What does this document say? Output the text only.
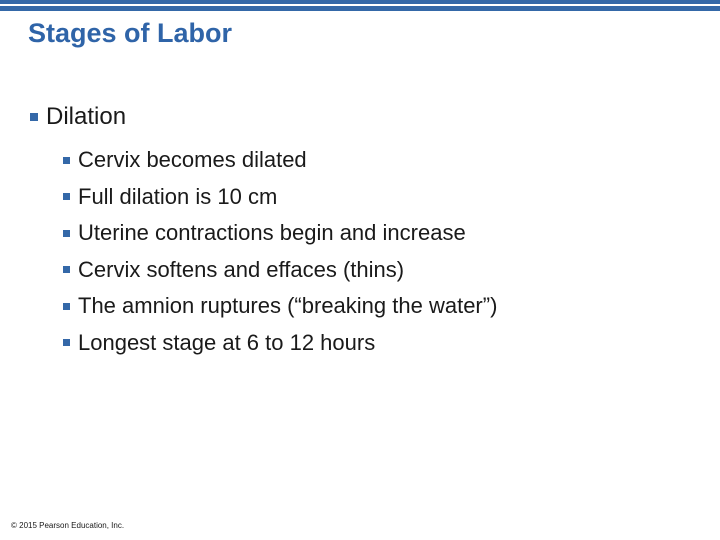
Stages of Labor
Dilation
Cervix becomes dilated
Full dilation is 10 cm
Uterine contractions begin and increase
Cervix softens and effaces (thins)
The amnion ruptures (“breaking the water”)
Longest stage at 6 to 12 hours
© 2015 Pearson Education, Inc.
